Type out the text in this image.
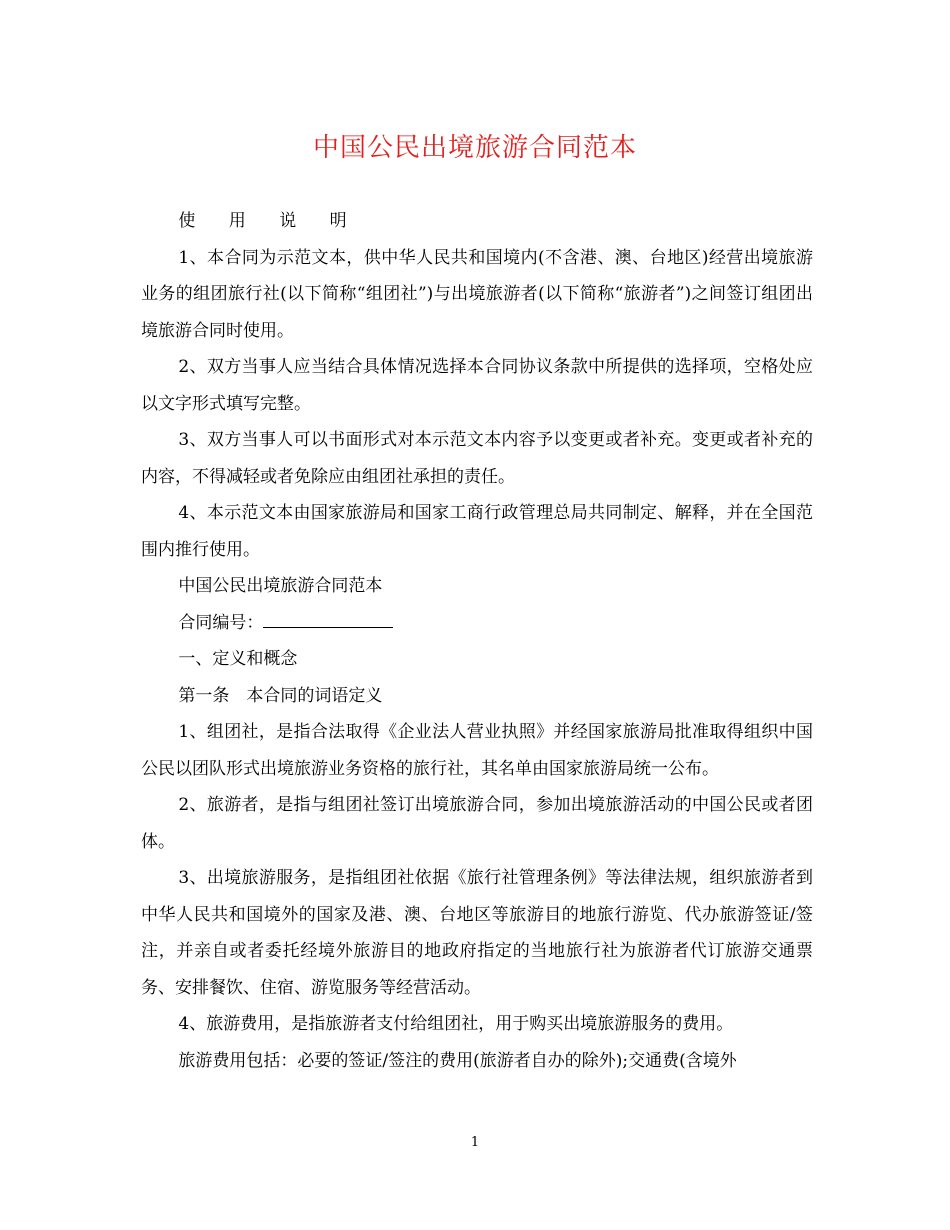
中国公民出境旅游合同范本

使 用 说 明

1、本合同为示范文本，供中华人民共和国境内(不含港、澳、台地区)经营出境旅游业务的组团旅行社(以下简称“组团社”)与出境旅游者(以下简称“旅游者”)之间签订组团出境旅游合同时使用。

2、双方当事人应当结合具体情况选择本合同协议条款中所提供的选择项，空格处应以文字形式填写完整。

3、双方当事人可以书面形式对本示范文本内容予以变更或者补充。变更或者补充的内容，不得减轻或者免除应由组团社承担的责任。

4、本示范文本由国家旅游局和国家工商行政管理总局共同制定、解释，并在全国范围内推行使用。

中国公民出境旅游合同范本

合同编号：

一、定义和概念

第一条　本合同的词语定义

1、组团社，是指合法取得《企业法人营业执照》并经国家旅游局批准取得组织中国公民以团队形式出境旅游业务资格的旅行社，其名单由国家旅游局统一公布。

2、旅游者，是指与组团社签订出境旅游合同，参加出境旅游活动的中国公民或者团体。

3、出境旅游服务，是指组团社依据《旅行社管理条例》等法律法规，组织旅游者到中华人民共和国境外的国家及港、澳、台地区等旅游目的地旅行游览、代办旅游签证/签注，并亲自或者委托经境外旅游目的地政府指定的当地旅行社为旅游者代订旅游交通票务、安排餐饮、住宿、游览服务等经营活动。

4、旅游费用，是指旅游者支付给组团社，用于购买出境旅游服务的费用。

旅游费用包括：必要的签证/签注的费用(旅游者自办的除外);交通费(含境外

1
